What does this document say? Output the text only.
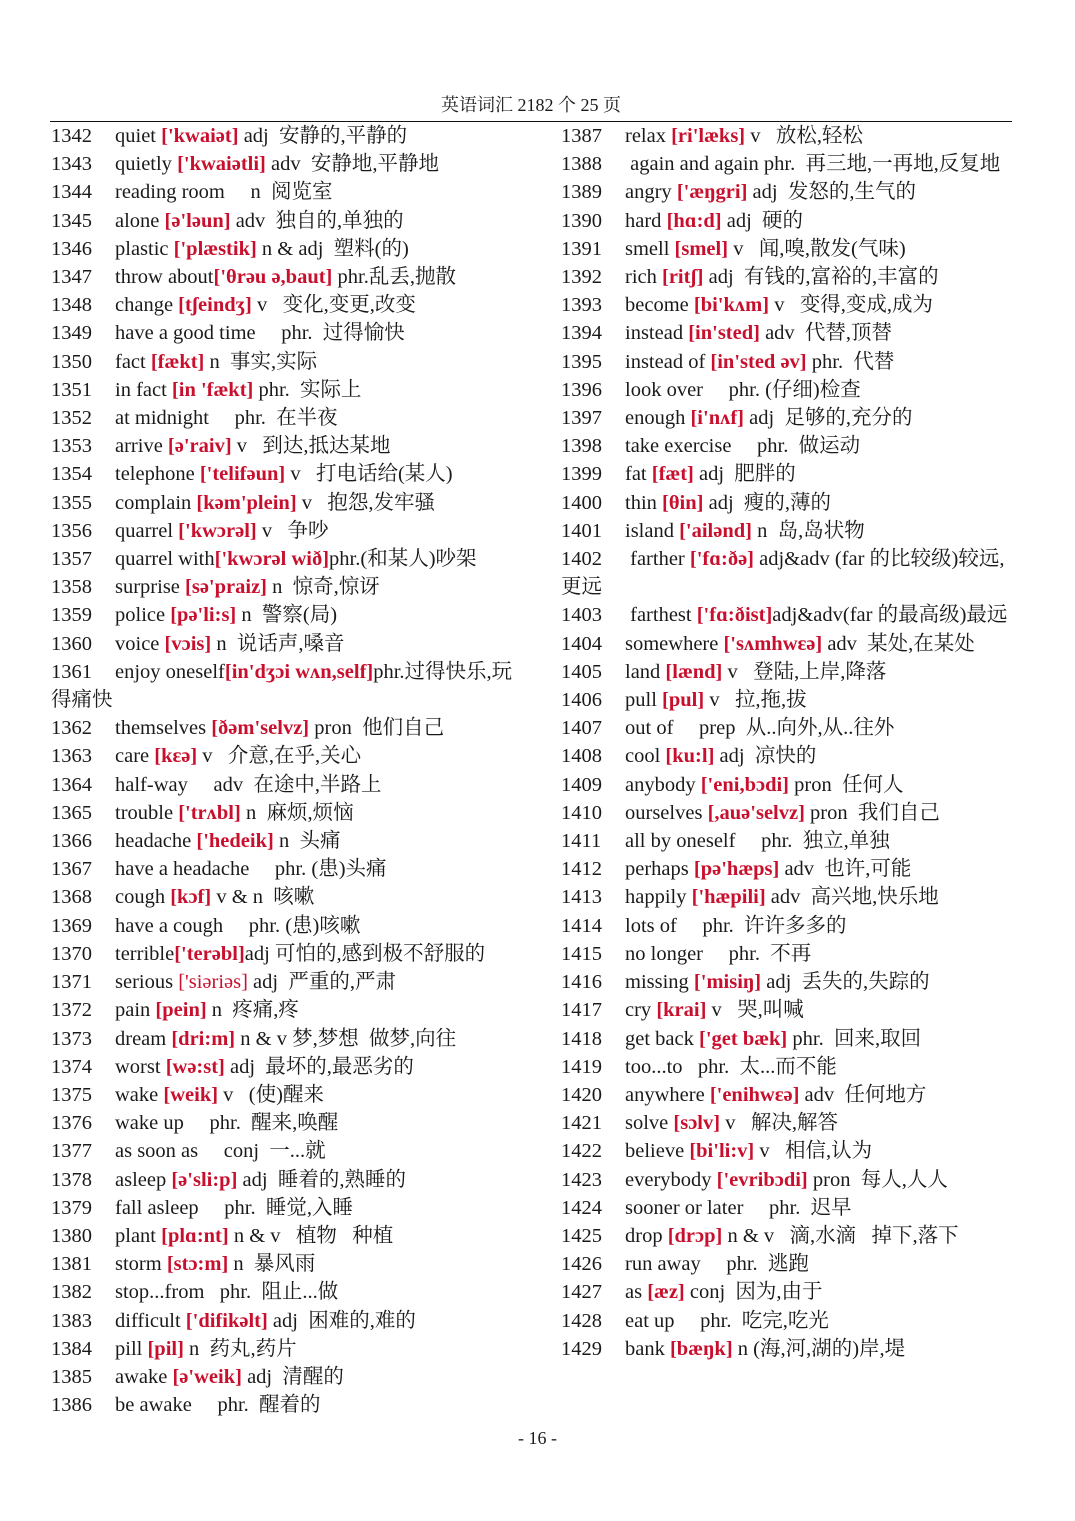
英语词汇 2182 个 25 页
1342 quiet ['kwaiət] adj  安静的,平静的
1343 quietly ['kwaiətli] adv  安静地,平静地
1344 reading room     n  阅览室
1345 alone [ə'ləun] adv  独自的,单独的
1346 plastic ['plæstik] n & adj  塑料(的)
1347 throw about['θrəu ə,baut] phr.乱丢,抛散
1348 change [tʃeindʒ] v   变化,变更,改变
1349 have a good time     phr.  过得愉快
1350 fact [fækt] n  事实,实际
1351 in fact [in 'fækt] phr.  实际上
1352 at midnight     phr.  在半夜
1353 arrive [ə'raiv] v   到达,抵达某地
1354 telephone ['telifəun] v   打电话给(某人)
1355 complain [kəm'plein] v   抱怨,发牢骚
1356 quarrel ['kwɔrəl] v   争吵
1357 quarrel with['kwɔrəl wið]phr.(和某人)吵架
1358 surprise [sə'praiz] n  惊奇,惊讶
1359 police [pə'li:s] n  警察(局)
1360 voice [vɔis] n  说话声,嗓音
1361 enjoy oneself[in'dʒɔi wʌn,self]phr.过得快乐,玩得痛快
1362 themselves [ðəm'selvz] pron  他们自己
1363 care [kɛə] v   介意,在乎,关心
1364 half-way     adv  在途中,半路上
1365 trouble ['trʌbl] n  麻烦,烦恼
1366 headache ['hedeik] n  头痛
1367 have a headache     phr. (患)头痛
1368 cough [kɔf] v & n  咳嗽
1369 have a cough     phr. (患)咳嗽
1370 terrible['terəbl]adj 可怕的,感到极不舒服的
1371 serious ['siəriəs] adj  严重的,严肃
1372 pain [pein] n  疼痛,疼
1373 dream [dri:m] n & v 梦,梦想  做梦,向往
1374 worst [wə:st] adj  最坏的,最恶劣的
1375 wake [weik] v   (使)醒来
1376 wake up     phr.  醒来,唤醒
1377 as soon as     conj  一...就
1378 asleep [ə'sli:p] adj  睡着的,熟睡的
1379 fall asleep     phr.  睡觉,入睡
1380 plant [plɑ:nt] n & v   植物   种植
1381 storm [stɔ:m] n  暴风雨
1382 stop...from   phr.  阻止...做
1383 difficult ['difikəlt] adj  困难的,难的
1384 pill [pil] n  药丸,药片
1385 awake [ə'weik] adj  清醒的
1386 be awake     phr.  醒着的
1387 relax [ri'læks] v   放松,轻松
1388 again and again phr.  再三地,一再地,反复地
1389 angry ['æŋgri] adj  发怒的,生气的
1390 hard [hɑ:d] adj  硬的
1391 smell [smel] v   闻,嗅,散发(气味)
1392 rich [ritʃ] adj  有钱的,富裕的,丰富的
1393 become [bi'kʌm] v   变得,变成,成为
1394 instead [in'sted] adv  代替,顶替
1395 instead of [in'sted əv] phr.  代替
1396 look over     phr. (仔细)检查
1397 enough [i'nʌf] adj  足够的,充分的
1398 take exercise     phr.  做运动
1399 fat [fæt] adj  肥胖的
1400 thin [θin] adj  瘦的,薄的
1401 island ['ailənd] n  岛,岛状物
1402 farther ['fɑ:ðə] adj&adv (far 的比较级)较远,更远
1403 farthest ['fɑ:ðist]adj&adv(far 的最高级)最远
1404 somewhere ['sʌmhwɛə] adv  某处,在某处
1405 land [lænd] v   登陆,上岸,降落
1406 pull [pul] v   拉,拖,拔
1407 out of     prep  从..向外,从..往外
1408 cool [ku:l] adj  凉快的
1409 anybody ['eni,bɔdi] pron  任何人
1410 ourselves [,auə'selvz] pron  我们自己
1411 all by oneself     phr.  独立,单独
1412 perhaps [pə'hæps] adv  也许,可能
1413 happily ['hæpili] adv  高兴地,快乐地
1414 lots of     phr.  许许多多的
1415 no longer     phr.  不再
1416 missing ['misiŋ] adj  丢失的,失踪的
1417 cry [krai] v   哭,叫喊
1418 get back ['get bæk] phr.  回来,取回
1419 too...to   phr.  太...而不能
1420 anywhere ['enihwɛə] adv  任何地方
1421 solve [sɔlv] v   解决,解答
1422 believe [bi'li:v] v   相信,认为
1423 everybody ['evribɔdi] pron  每人,人人
1424 sooner or later     phr.  迟早
1425 drop [drɔp] n & v   滴,水滴   掉下,落下
1426 run away     phr.  逃跑
1427 as [æz] conj  因为,由于
1428 eat up     phr.  吃完,吃光
1429 bank [bæŋk] n (海,河,湖的)岸,堤
- 16 -
